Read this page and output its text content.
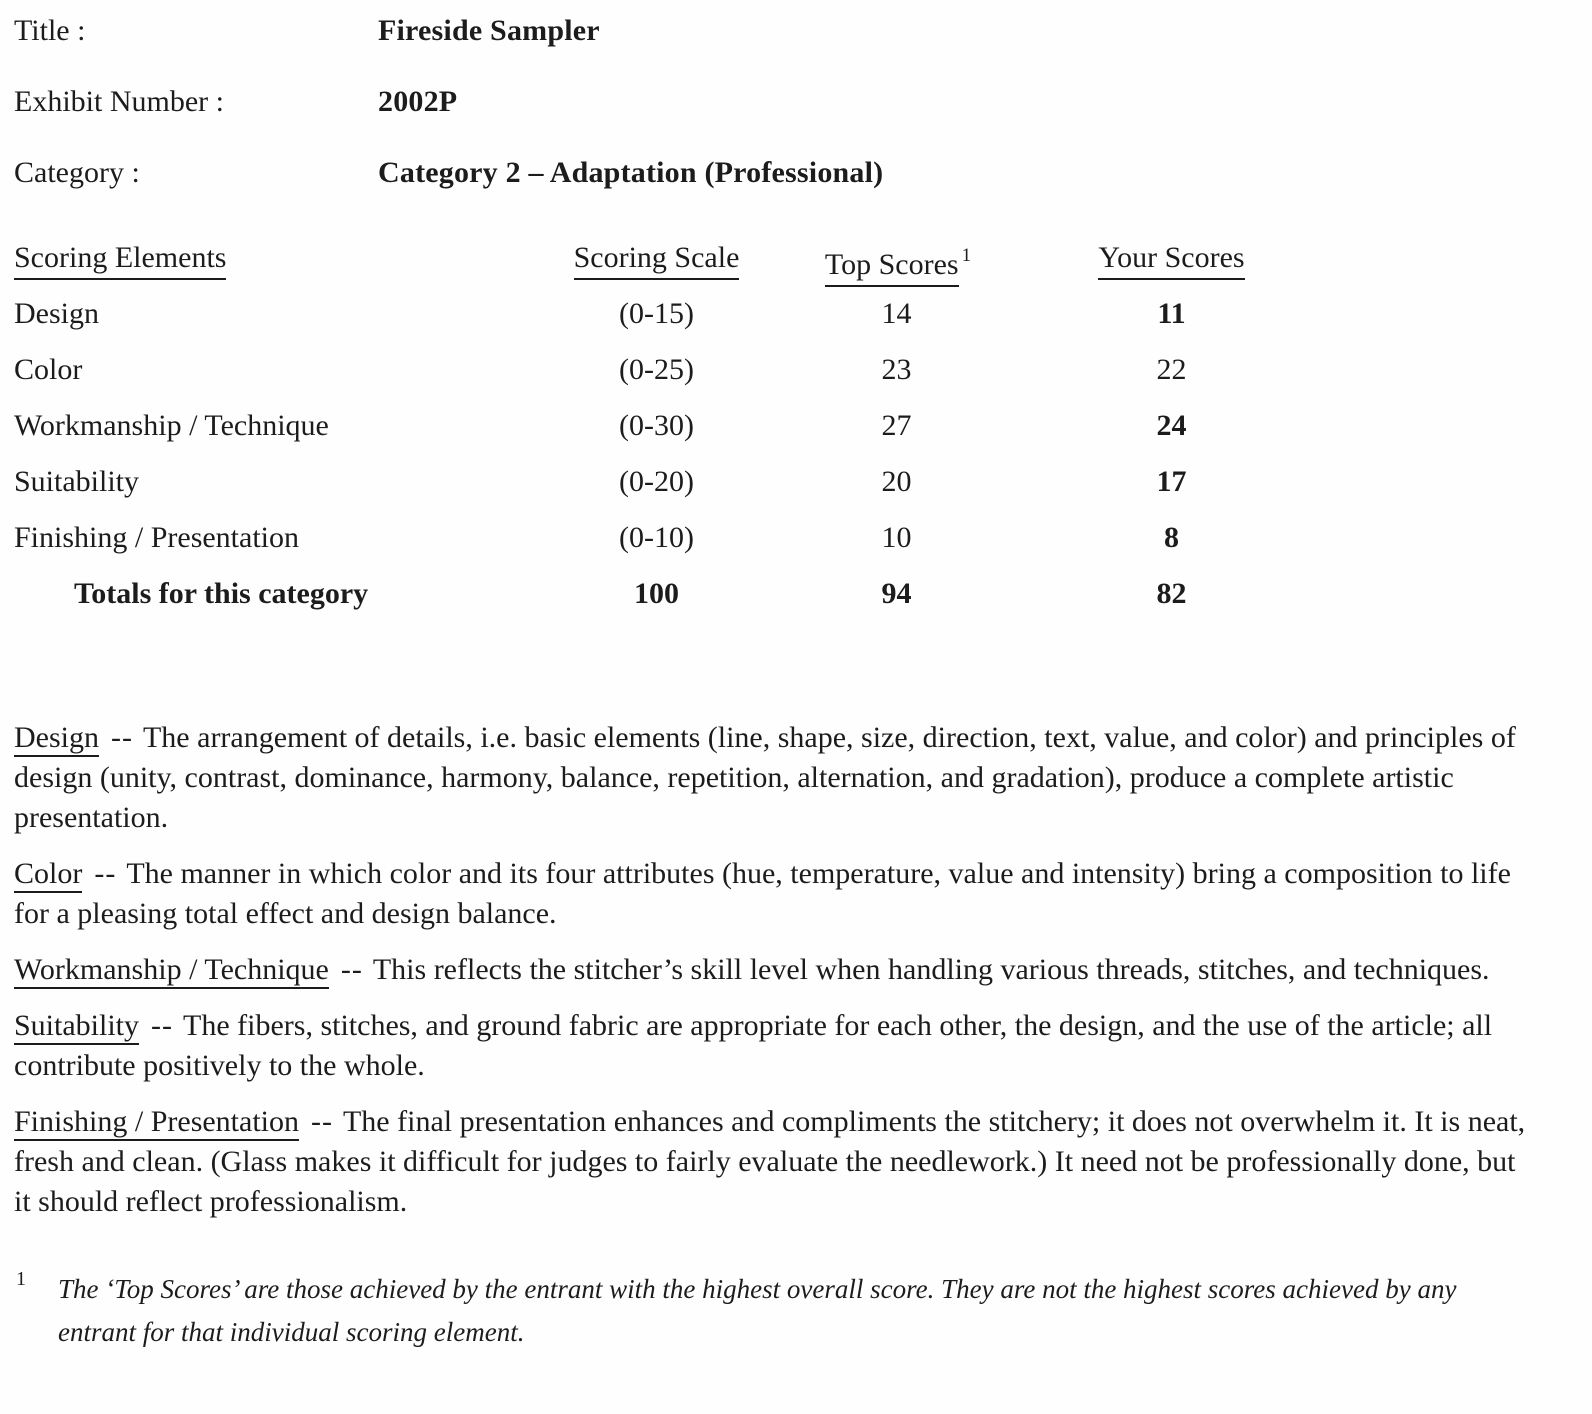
Title :	Fireside Sampler
Exhibit Number :	2002P
Category :	Category 2 – Adaptation (Professional)
Scoring Elements	Scoring Scale	Top Scores $^1$	Your Scores
Design	(0-15)	14	11
Color	(0-25)	23	22
Workmanship / Technique	(0-30)	27	24
Suitability	(0-20)	20	17
Finishing / Presentation	(0-10)	10	8
Totals for this category	100	94	82

Design -- The arrangement of details, i.e. basic elements (line, shape, size, direction, text, value, and color) and principles of design (unity, contrast, dominance, harmony, balance, repetition, alternation, and gradation), produce a complete artistic presentation.

Color -- The manner in which color and its four attributes (hue, temperature, value and intensity) bring a composition to life for a pleasing total effect and design balance.

Workmanship / Technique -- This reflects the stitcher’s skill level when handling various threads, stitches, and techniques.

Suitability -- The fibers, stitches, and ground fabric are appropriate for each other, the design, and the use of the article; all contribute positively to the whole.

Finishing / Presentation -- The final presentation enhances and compliments the stitchery; it does not overwhelm it. It is neat, fresh and clean. (Glass makes it difficult for judges to fairly evaluate the needlework.) It need not be professionally done, but it should reflect professionalism.

1 The ‘Top Scores’ are those achieved by the entrant with the highest overall score. They are not the highest scores achieved by any entrant for that individual scoring element.
